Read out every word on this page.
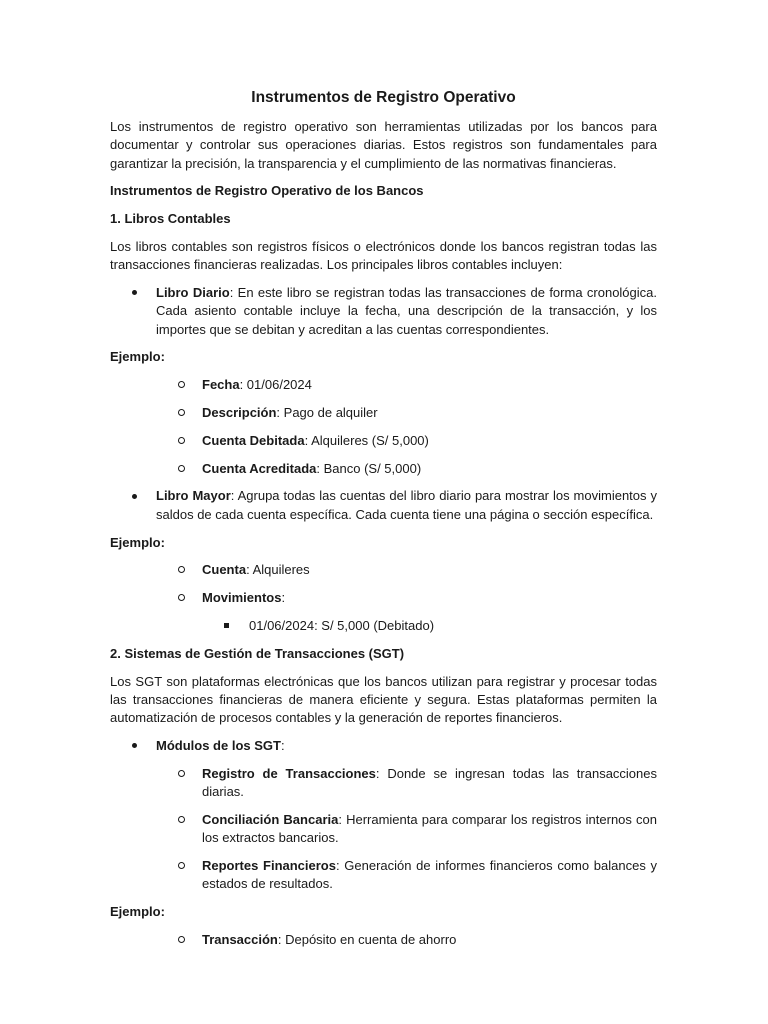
Instrumentos de Registro Operativo

Los instrumentos de registro operativo son herramientas utilizadas por los bancos para documentar y controlar sus operaciones diarias. Estos registros son fundamentales para garantizar la precisión, la transparencia y el cumplimiento de las normativas financieras.

Instrumentos de Registro Operativo de los Bancos

1. Libros Contables

Los libros contables son registros físicos o electrónicos donde los bancos registran todas las transacciones financieras realizadas. Los principales libros contables incluyen:

Libro Diario: En este libro se registran todas las transacciones de forma cronológica. Cada asiento contable incluye la fecha, una descripción de la transacción, y los importes que se debitan y acreditan a las cuentas correspondientes.

Ejemplo:

Fecha: 01/06/2024
Descripción: Pago de alquiler
Cuenta Debitada: Alquileres (S/ 5,000)
Cuenta Acreditada: Banco (S/ 5,000)
Libro Mayor: Agrupa todas las cuentas del libro diario para mostrar los movimientos y saldos de cada cuenta específica. Cada cuenta tiene una página o sección específica.

Ejemplo:

Cuenta: Alquileres
Movimientos:
01/06/2024: S/ 5,000 (Debitado)

2. Sistemas de Gestión de Transacciones (SGT)

Los SGT son plataformas electrónicas que los bancos utilizan para registrar y procesar todas las transacciones financieras de manera eficiente y segura. Estas plataformas permiten la automatización de procesos contables y la generación de reportes financieros.

Módulos de los SGT:
Registro de Transacciones: Donde se ingresan todas las transacciones diarias.
Conciliación Bancaria: Herramienta para comparar los registros internos con los extractos bancarios.
Reportes Financieros: Generación de informes financieros como balances y estados de resultados.

Ejemplo:

Transacción: Depósito en cuenta de ahorro
